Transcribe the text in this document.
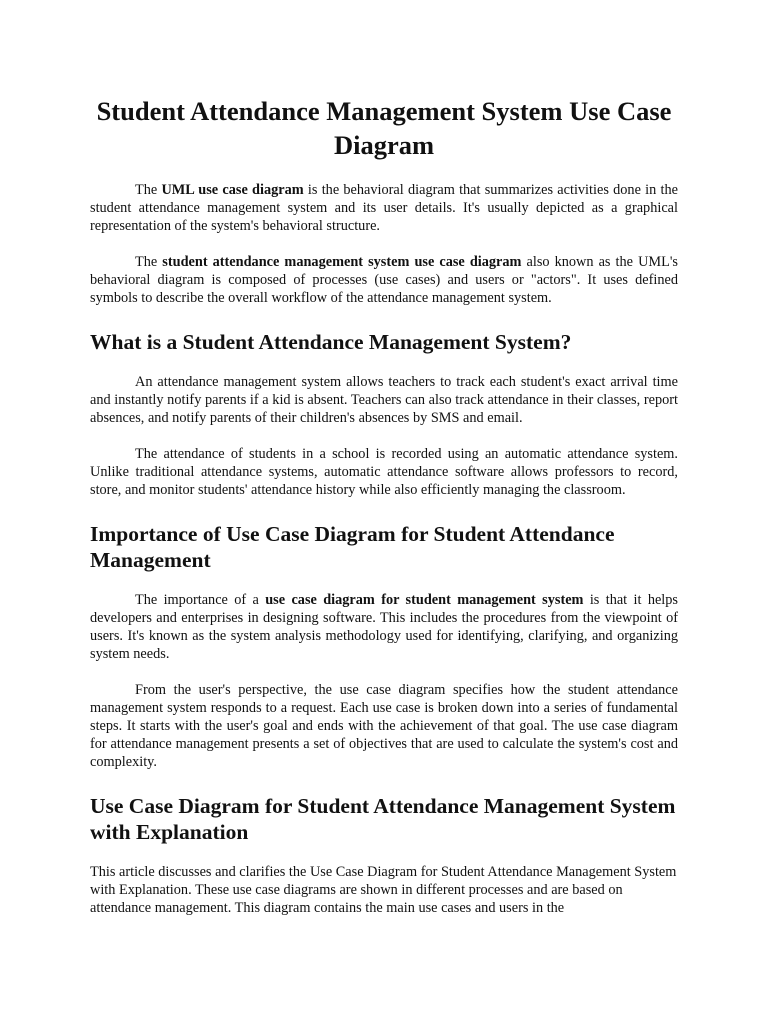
Student Attendance Management System Use Case Diagram

The UML use case diagram is the behavioral diagram that summarizes activities done in the student attendance management system and its user details. It's usually depicted as a graphical representation of the system's behavioral structure.

The student attendance management system use case diagram also known as the UML's behavioral diagram is composed of processes (use cases) and users or "actors". It uses defined symbols to describe the overall workflow of the attendance management system.

What is a Student Attendance Management System?

An attendance management system allows teachers to track each student's exact arrival time and instantly notify parents if a kid is absent. Teachers can also track attendance in their classes, report absences, and notify parents of their children's absences by SMS and email.

The attendance of students in a school is recorded using an automatic attendance system. Unlike traditional attendance systems, automatic attendance software allows professors to record, store, and monitor students' attendance history while also efficiently managing the classroom.

Importance of Use Case Diagram for Student Attendance Management

The importance of a use case diagram for student management system is that it helps developers and enterprises in designing software. This includes the procedures from the viewpoint of users. It's known as the system analysis methodology used for identifying, clarifying, and organizing system needs.

From the user's perspective, the use case diagram specifies how the student attendance management system responds to a request. Each use case is broken down into a series of fundamental steps. It starts with the user's goal and ends with the achievement of that goal. The use case diagram for attendance management presents a set of objectives that are used to calculate the system's cost and complexity.

Use Case Diagram for Student Attendance Management System with Explanation

This article discusses and clarifies the Use Case Diagram for Student Attendance Management System with Explanation. These use case diagrams are shown in different processes and are based on attendance management. This diagram contains the main use cases and users in the
